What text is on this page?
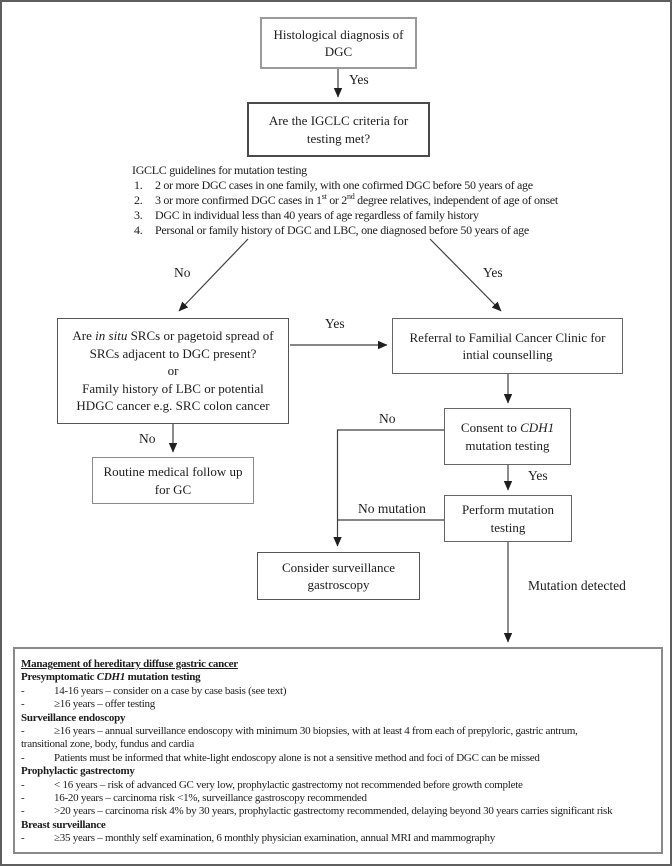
Histological diagnosis of
DGC
Are the IGCLC criteria for
testing met?
Are in situ SRCs or pagetoid spread of
SRCs adjacent to DGC present?
or
Family history of LBC or potential
HDGC cancer e.g. SRC colon cancer
Referral to Familial Cancer Clinic for
intial counselling
Consent to CDH1
mutation testing
Perform mutation
testing
Consider surveillance
gastroscopy
Routine medical follow up
for GC
IGCLC guidelines for mutation testing
1. 2 or more DGC cases in one family, with one cofirmed DGC before 50 years of age
2. 3 or more confirmed DGC cases in 1st or 2nd degree relatives, independent of age of onset
3. DGC in individual less than 40 years of age regardless of family history
4. Personal or family history of DGC and LBC, one diagnosed before 50 years of age
Yes
No	Yes
Yes
No
No
Yes
No mutation
Mutation detected
Management of hereditary diffuse gastric cancer
Presymptomatic CDH1 mutation testing
-	14-16 years – consider on a case by case basis (see text)
-	≥16 years – offer testing
Surveillance endoscopy
-	≥16 years – annual surveillance endoscopy with minimum 30 biopsies, with at least 4 from each of prepyloric, gastric antrum,
transitional zone, body, fundus and cardia
-	Patients must be informed that white-light endoscopy alone is not a sensitive method and foci of DGC can be missed
Prophylactic gastrectomy
-	< 16 years – risk of advanced GC very low, prophylactic gastrectomy not recommended before growth complete
-	16-20 years – carcinoma risk <1%, surveillance gastroscopy recommended
-	>20 years – carcinoma risk 4% by 30 years, prophylactic gastrectomy recommended, delaying beyond 30 years carries significant risk
Breast surveillance
-	≥35 years – monthly self examination, 6 monthly physician examination, annual MRI and mammography
